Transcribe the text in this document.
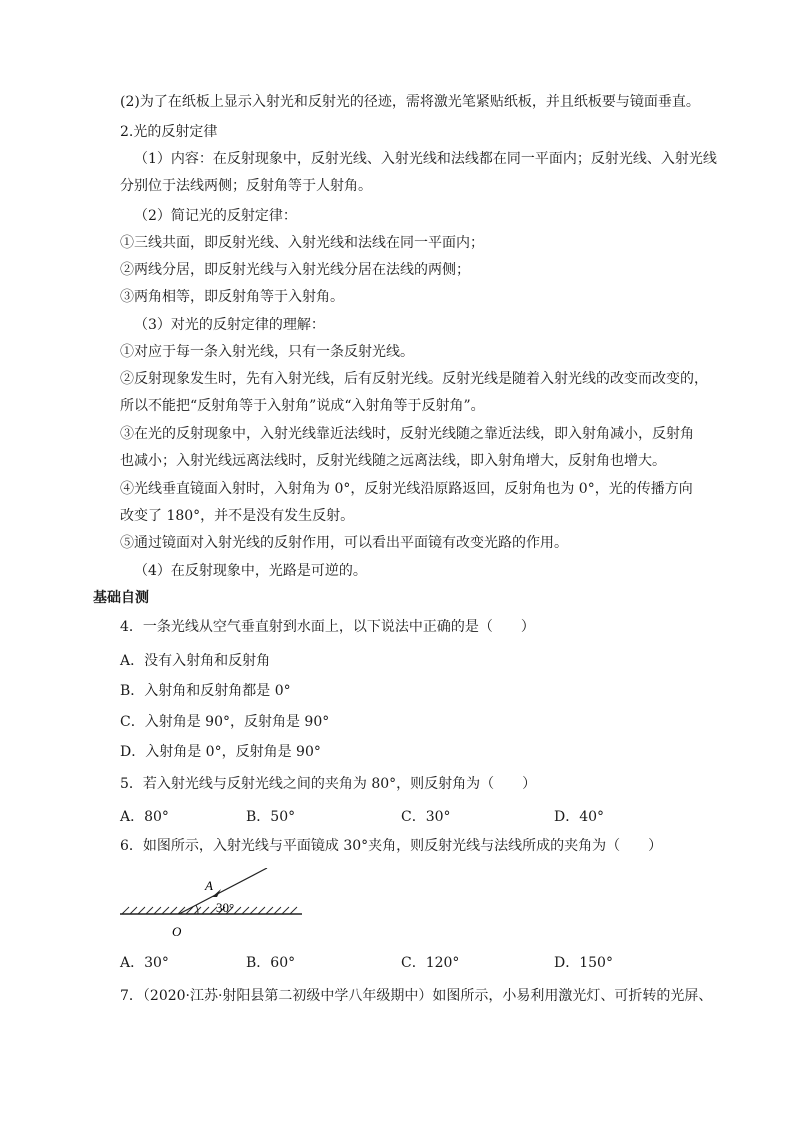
(2)为了在纸板上显示入射光和反射光的径迹，需将激光笔紧贴纸板，并且纸板要与镜面垂直。
2.光的反射定律
（1）内容：在反射现象中，反射光线、入射光线和法线都在同一平面内；反射光线、入射光线
分别位于法线两侧；反射角等于人射角。
（2）简记光的反射定律：
①三线共面，即反射光线、入射光线和法线在同一平面内；
②两线分居，即反射光线与入射光线分居在法线的两侧；
③两角相等，即反射角等于入射角。
（3）对光的反射定律的理解：
①对应于每一条入射光线，只有一条反射光线。
②反射现象发生时，先有入射光线，后有反射光线。反射光线是随着入射光线的改变而改变的，
所以不能把“反射角等于入射角”说成“入射角等于反射角”。
③在光的反射现象中，入射光线靠近法线时，反射光线随之靠近法线，即入射角减小，反射角
也减小；入射光线远离法线时，反射光线随之远离法线，即入射角增大，反射角也增大。
④光线垂直镜面入射时，入射角为 0°，反射光线沿原路返回，反射角也为 0°，光的传播方向
改变了 180°，并不是没有发生反射。
⑤通过镜面对入射光线的反射作用，可以看出平面镜有改变光路的作用。
（4）在反射现象中，光路是可逆的。
基础自测
4．一条光线从空气垂直射到水面上，以下说法中正确的是（　　）
A．没有入射角和反射角
B．入射角和反射角都是 0°
C．入射角是 90°，反射角是 90°
D．入射角是 0°，反射角是 90°
5．若入射光线与反射光线之间的夹角为 80°，则反射角为（　　）
A．80°	B．50°	C．30°	D．40°
6．如图所示，入射光线与平面镜成 30°夹角，则反射光线与法线所成的夹角为（　　）
A
30°
O
A．30°	B．60°	C．120°	D．150°
7．（2020·江苏·射阳县第二初级中学八年级期中）如图所示，小易利用激光灯、可折转的光屏、
